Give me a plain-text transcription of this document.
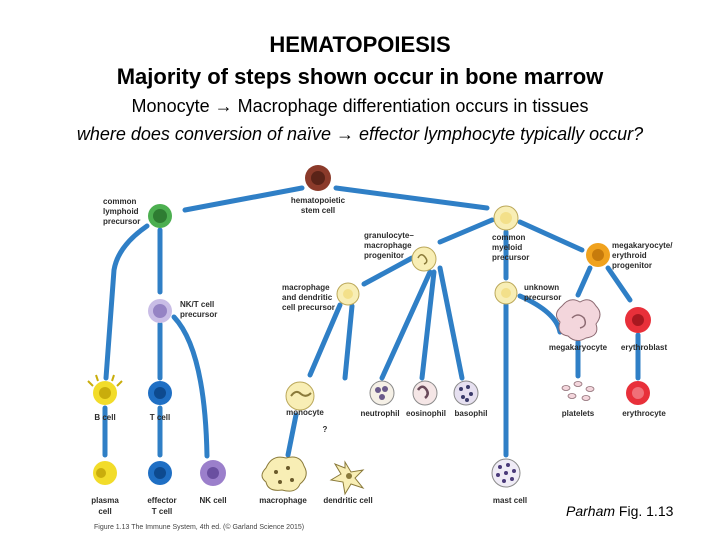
HEMATOPOIESIS
Majority of steps shown occur in bone marrow
Monocyte → Macrophage differentiation occurs in tissues
where does conversion of naïve → effector lymphocyte typically occur?
hematopoietic stem cell
common lymphoid precursor
NK/T cell precursor
granulocyte– macrophage progenitor
common myeloid precursor
megakaryocyte/ erythroid progenitor
macrophage and dendritic cell precursor
unknown precursor
megakaryocyte erythroblast
B cell	T cell
monocyte
?
neutrophil eosinophil basophil	platelets	erythrocyte
plasma cell
effector T cell
NK cell	macrophage dendritic cell	mast cell
Figure 1.13 The Immune System, 4th ed. (© Garland Science 2015)
Parham Fig. 1.13
